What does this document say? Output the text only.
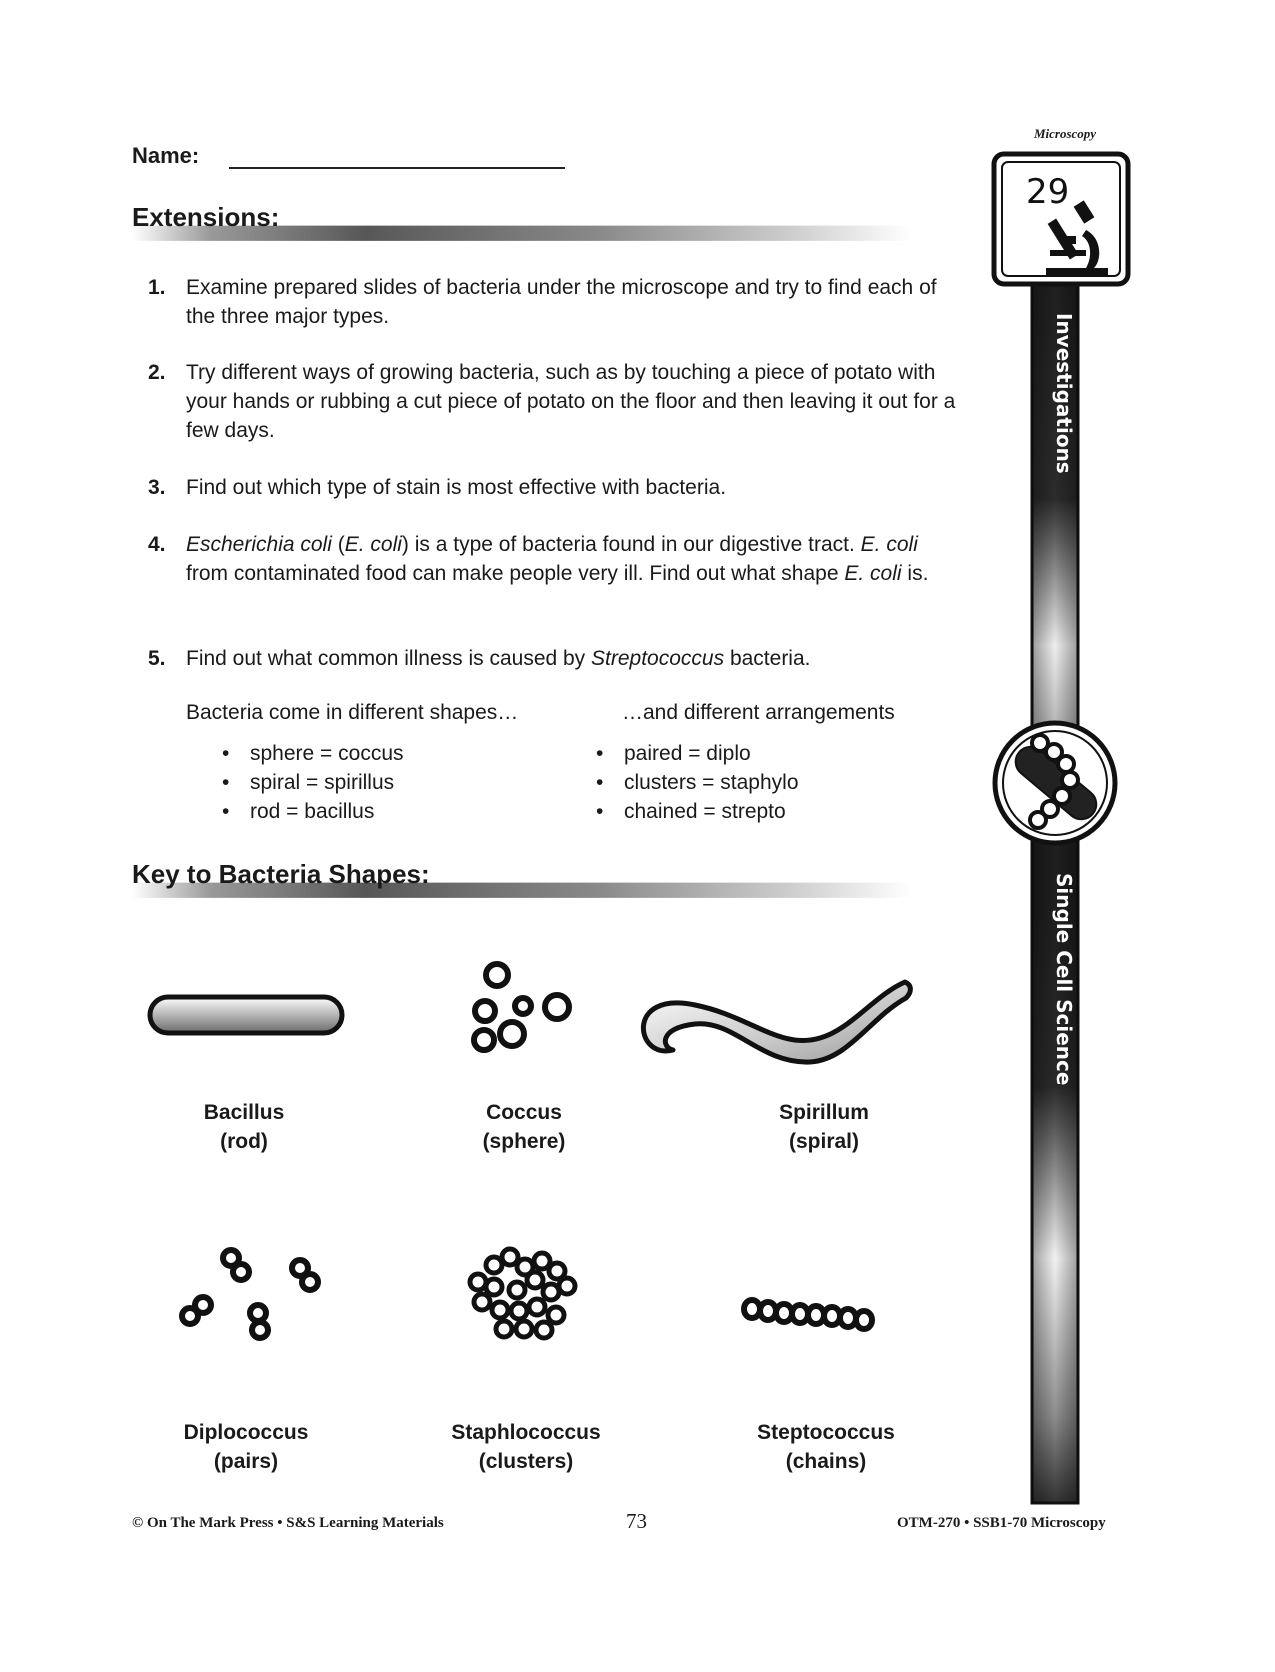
Name:
Extensions:
1. Examine prepared slides of bacteria under the microscope and try to find each of the three major types.
2. Try different ways of growing bacteria, such as by touching a piece of potato with your hands or rubbing a cut piece of potato on the floor and then leaving it out for a few days.
3. Find out which type of stain is most effective with bacteria.
4. Escherichia coli (E. coli) is a type of bacteria found in our digestive tract. E. coli from contaminated food can make people very ill. Find out what shape E. coli is.
5. Find out what common illness is caused by Streptococcus bacteria.
Bacteria come in different shapes…	…and different arrangements
• sphere = coccus
• spiral = spirillus
• rod = bacillus
• paired = diplo
• clusters = staphylo
• chained = strepto
Key to Bacteria Shapes:
Bacillus
(rod)
Coccus
(sphere)
Spirillum
(spiral)
Diplococcus
(pairs)
Staphlococcus
(clusters)
Steptococcus
(chains)
Microscopy
29
Investigations
Single Cell Science
© On The Mark Press • S&S Learning Materials	73	OTM-270 • SSB1-70 Microscopy
